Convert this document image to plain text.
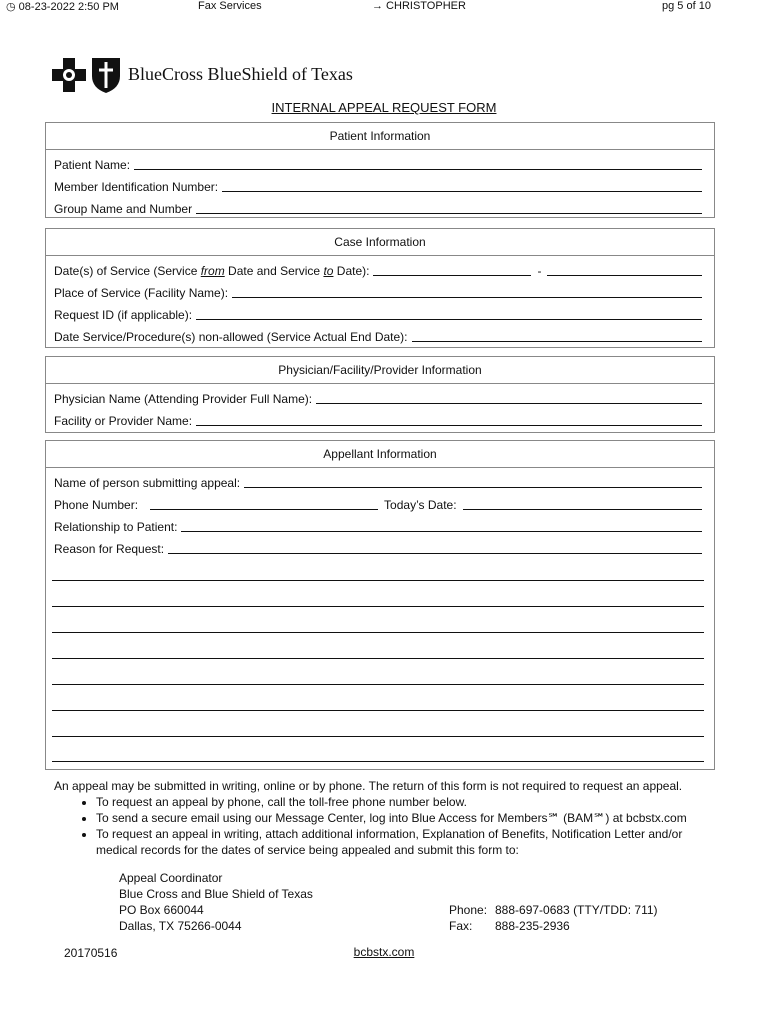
◷ 08-23-2022 2:50 PM	Fax Services	→ CHRISTOPHER	pg 5 of 10
BlueCross BlueShield of Texas
INTERNAL APPEAL REQUEST FORM
Patient Information
Patient Name:
Member Identification Number:
Group Name and Number
Case Information
Date(s) of Service (Service from Date and Service to Date):	-
Place of Service (Facility Name):
Request ID (if applicable):
Date Service/Procedure(s) non-allowed (Service Actual End Date):
Physician/Facility/Provider Information
Physician Name (Attending Provider Full Name):
Facility or Provider Name:
Appellant Information
Name of person submitting appeal:
Phone Number:	Today’s Date:
Relationship to Patient:
Reason for Request:
An appeal may be submitted in writing, online or by phone. The return of this form is not required to request an appeal.
• To request an appeal by phone, call the toll-free phone number below.
• To send a secure email using our Message Center, log into Blue Access for Members℠ (BAM℠) at bcbstx.com
• To request an appeal in writing, attach additional information, Explanation of Benefits, Notification Letter and/or medical records for the dates of service being appealed and submit this form to:
Appeal Coordinator
Blue Cross and Blue Shield of Texas
PO Box 660044
Dallas, TX 75266-0044
Phone: 888-697-0683 (TTY/TDD: 711)
Fax: 888-235-2936
20170516	bcbstx.com
